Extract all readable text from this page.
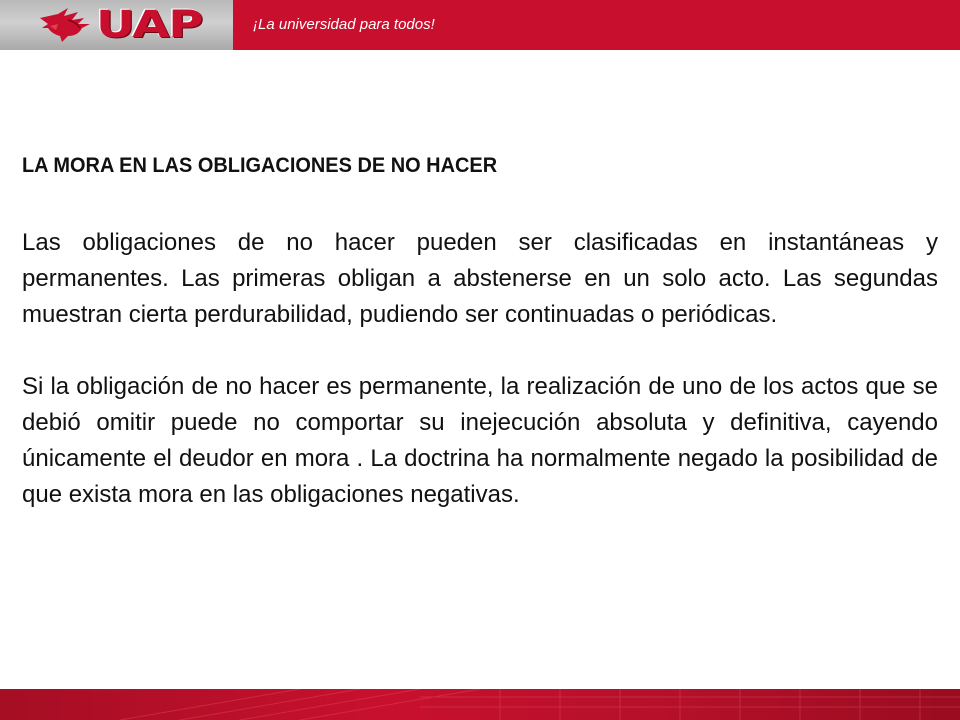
UAP	¡La universidad para todos!
LA MORA EN LAS OBLIGACIONES DE NO HACER

Las obligaciones de no hacer pueden ser clasificadas en instantáneas y permanentes. Las primeras obligan a abstenerse en un solo acto. Las segundas muestran cierta perdurabilidad, pudiendo ser continuadas o periódicas.

Si la obligación de no hacer es permanente, la realización de uno de los actos que se debió omitir puede no comportar su inejecución absoluta y definitiva, cayendo únicamente el deudor en mora . La doctrina ha normalmente negado la posibilidad de que exista mora en las obligaciones negativas.
